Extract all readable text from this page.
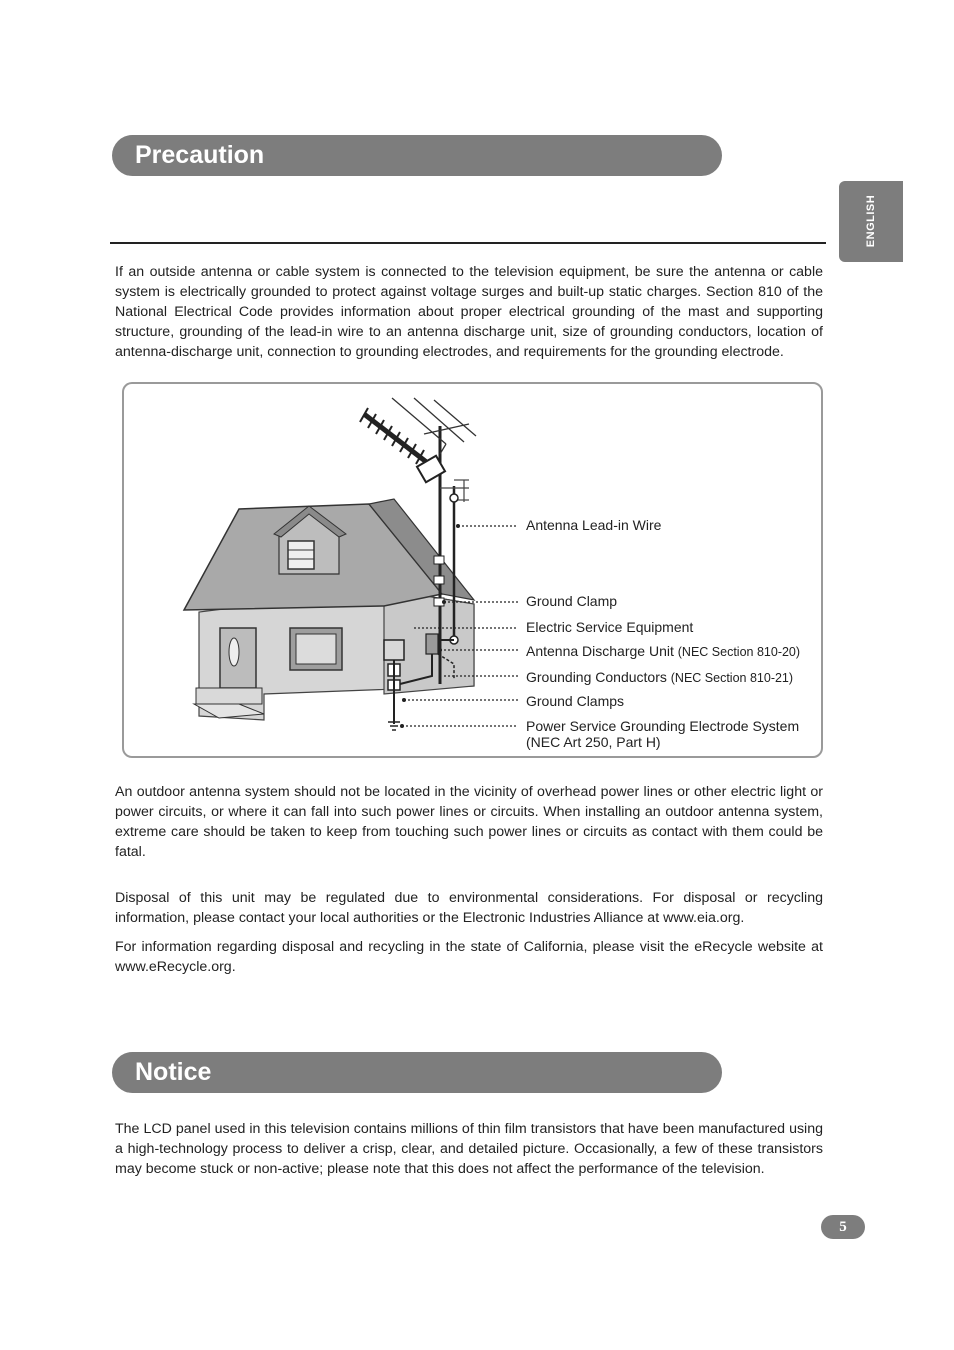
Precaution
ENGLISH

If an outside antenna or cable system is connected to the television equipment, be sure the antenna or cable system is electrically grounded to protect against voltage surges and built-up static charges. Section 810 of the National Electrical Code provides information about proper electrical grounding of the mast and supporting structure, grounding of the lead-in wire to an antenna discharge unit, size of grounding conductors, location of antenna-discharge unit, connection to grounding electrodes, and requirements for the grounding electrode.

Antenna Lead-in Wire
Ground Clamp
Electric Service Equipment
Antenna Discharge Unit (NEC Section 810-20)
Grounding Conductors (NEC Section 810-21)
Ground Clamps
Power Service Grounding Electrode System
(NEC Art 250, Part H)

An outdoor antenna system should not be located in the vicinity of overhead power lines or other electric light or power circuits, or where it can fall into such power lines or circuits. When installing an outdoor antenna system, extreme care should be taken to keep from touching such power lines or circuits as contact with them could be fatal.

Disposal of this unit may be regulated due to environmental considerations. For disposal or recycling information, please contact your local authorities or the Electronic Industries Alliance at www.eia.org.

For information regarding disposal and recycling in the state of California, please visit the eRecycle website at www.eRecycle.org.

Notice

The LCD panel used in this television contains millions of thin film transistors that have been manufactured using a high-technology process to deliver a crisp, clear, and detailed picture. Occasionally, a few of these transistors may become stuck or non-active; please note that this does not affect the performance of the television.

5
